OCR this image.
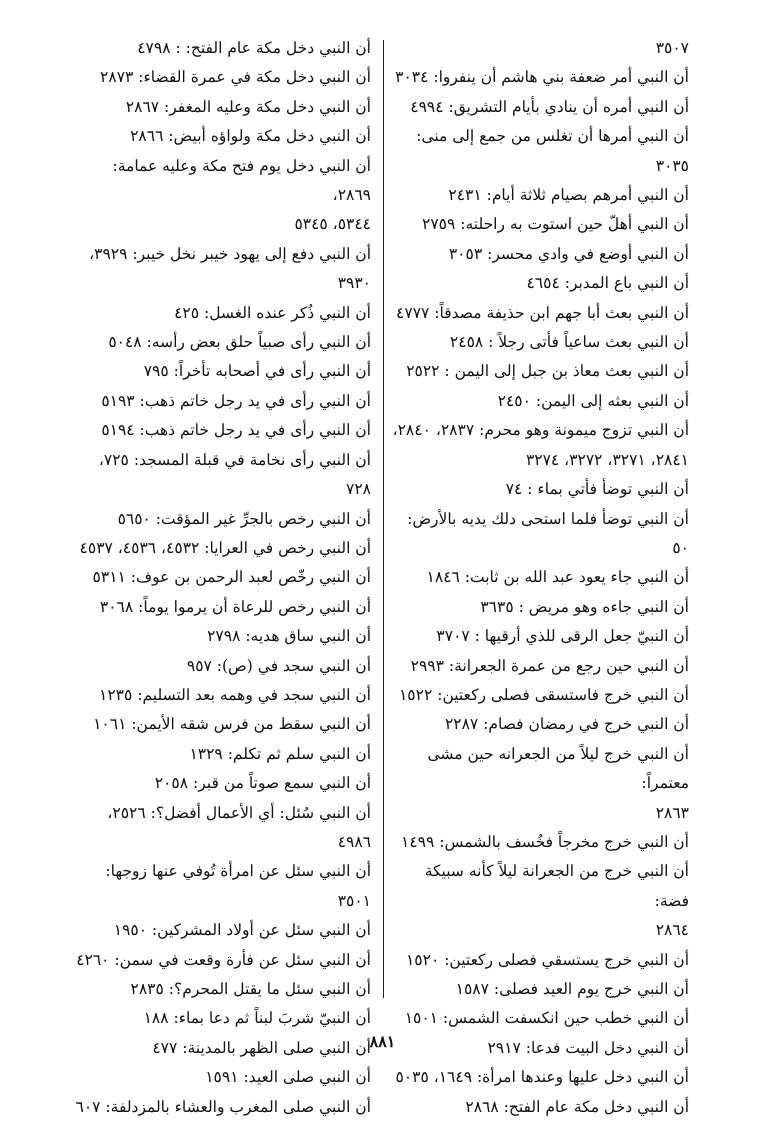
٣٥٠٧
أن النبي أمر ضعفة بني هاشم أن ينفروا: ٣٠٣٤
أن النبي أمره أن ينادي بأيام التشريق: ٤٩٩٤
أن النبي أمرها أن تغلس من جمع إلى منى: ٣٠٣٥
أن النبي أمرهم بصيام ثلاثة أيام: ٢٤٣١
أن النبي أهلّ حين استوت به راحلته: ٢٧٥٩
أن النبي أوضع في وادي محسر: ٣٠٥٣
أن النبي باع المدبر: ٤٦٥٤
أن النبي بعث أبا جهم ابن حذيفة مصدقاً: ٤٧٧٧
أن النبي بعث ساعياً فأتى رجلاً : ٢٤٥٨
أن النبي بعث معاذ بن جبل إلى اليمن : ٢٥٢٢
أن النبي بعثه إلى اليمن: ٢٤٥٠
أن النبي تزوج ميمونة وهو محرم: ٢٨٣٧، ٢٨٤٠،
٢٨٤١، ٣٢٧١، ٣٢٧٢، ٣٢٧٤
أن النبي توضأ فأتي بماء : ٧٤
أن النبي توضأ فلما استحى دلك يديه بالأرض: ٥٠
أن النبي جاء يعود عبد الله بن ثابت: ١٨٤٦
أن النبي جاءه وهو مريض : ٣٦٣٥
أن النبيّ جعل الرقى للذي أرقيها : ٣٧٠٧
أن النبي حين رجع من عمرة الجعرانة: ٢٩٩٣
أن النبي خرج فاستسقى فصلى ركعتين: ١٥٢٢
أن النبي خرج في رمضان فصام: ٢٢٨٧
أن النبي خرج ليلاً من الجعرانه حين مشى معتمراً:
٢٨٦٣
أن النبي خرج مخرجاً فخُسف بالشمس: ١٤٩٩
أن النبي خرج من الجعرانة ليلاً كأنه سبيكة فضة:
٢٨٦٤
أن النبي خرج يستسقي فصلى ركعتين: ١٥٢٠
أن النبي خرج يوم العيد فصلى: ١٥٨٧
أن النبي خطب حين انكسفت الشمس: ١٥٠١
أن النبي دخل البيت فدعا: ٢٩١٧
أن النبي دخل عليها وعندها امرأة: ١٦٤٩، ٥٠٣٥
أن النبي دخل مكة عام الفتح: ٢٨٦٨
أن النبي دخل مكة عام الفتح: : ٤٧٩٨
أن النبي دخل مكة في عمرة القضاء: ٢٨٧٣
أن النبي دخل مكة وعليه المغفر: ٢٨٦٧
أن النبي دخل مكة ولواؤه أبيض: ٢٨٦٦
أن النبي دخل يوم فتح مكة وعليه عمامة: ٢٨٦٩،
٥٣٤٤، ٥٣٤٥
أن النبي دفع إلى يهود خيبر نخل خيبر: ٣٩٢٩،
٣٩٣٠
أن النبي ذُكر عنده الغسل: ٤٢٥
أن النبي رأى صبياً حلق بعض رأسه: ٥٠٤٨
أن النبي رأى في أصحابه تأخراً: ٧٩٥
أن النبي رأى في يد رجل خاتم ذهب: ٥١٩٣
أن النبي رأى في يد رجل خاتم ذهب: ٥١٩٤
أن النبي رأى نخامة في قبلة المسجد: ٧٢٥، ٧٢٨
أن النبي رخص بالجرِّ غير المؤقت: ٥٦٥٠
أن النبي رخص في العرايا: ٤٥٣٢، ٤٥٣٦، ٤٥٣٧
أن النبي رخّص لعبد الرحمن بن عوف: ٥٣١١
أن النبي رخص للرعاة أن يرموا يوماً: ٣٠٦٨
أن النبي ساق هديه: ٢٧٩٨
أن النبي سجد في (ص): ٩٥٧
أن النبي سجد في وهمه بعد التسليم: ١٢٣٥
أن النبي سقط من فرس شقه الأيمن: ١٠٦١
أن النبي سلم ثم تكلم: ١٣٢٩
أن النبي سمع صوتاً من قبر: ٢٠٥٨
أن النبي سُئل: أي الأعمال أفضل؟: ٢٥٢٦، ٤٩٨٦
أن النبي سئل عن امرأة تُوفي عنها زوجها: ٣٥٠١
أن النبي سئل عن أولاد المشركين: ١٩٥٠
أن النبي سئل عن فأرة وقعت في سمن: ٤٢٦٠
أن النبي سئل ما يقتل المحرم؟: ٢٨٣٥
أن النبيّ شربَ لبناً ثم دعا بماء: ١٨٨
أن النبي صلى الظهر بالمدينة: ٤٧٧
أن النبي صلى العيد: ١٥٩١
أن النبي صلى المغرب والعشاء بالمزدلفة: ٦٠٧
٨٨١
